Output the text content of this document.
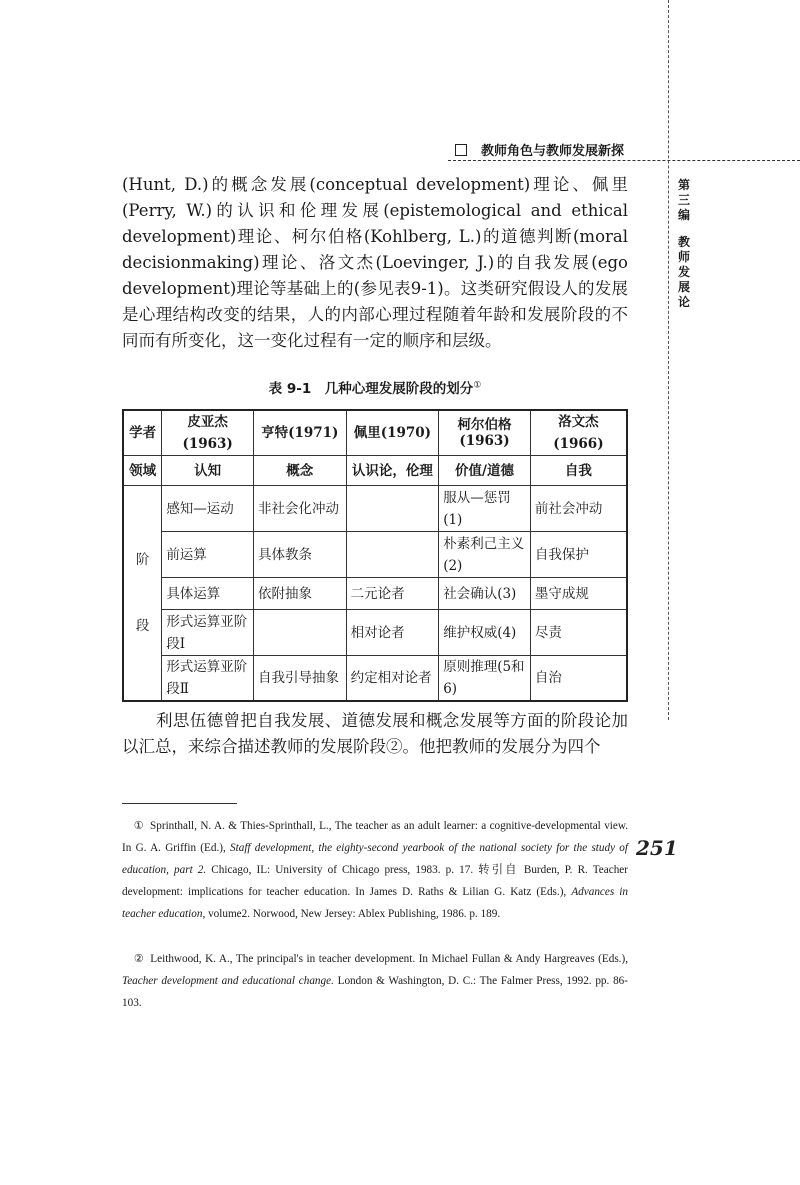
教师角色与教师发展新探
第三编
教师发展论
(Hunt, D.)的概念发展(conceptual development)理论、佩里(Perry, W.)的认识和伦理发展(epistemological and ethical development)理论、柯尔伯格(Kohlberg, L.)的道德判断(moral decisionmaking)理论、洛文杰(Loevinger, J.)的自我发展(ego development)理论等基础上的(参见表9-1)。这类研究假设人的发展是心理结构改变的结果，人的内部心理过程随着年龄和发展阶段的不同而有所变化，这一变化过程有一定的顺序和层级。
表 9-1　几种心理发展阶段的划分①
学者	皮亚杰(1963)	亨特(1971)	佩里(1970)	柯尔伯格(1963)	洛文杰(1966)
领域	认知	概念	认识论，伦理	价值/道德	自我

阶
段	感知—运动	非社会化冲动		服从—惩罚(1)	前社会冲动
	前运算	具体教条		朴素利己主义(2)	自我保护
	具体运算	依附抽象	二元论者	社会确认(3)	墨守成规
	形式运算亚阶段Ⅰ		相对论者	维护权威(4)	尽责
	形式运算亚阶段Ⅱ	自我引导抽象	约定相对论者	原则推理(5和6)	自治
利思伍德曾把自我发展、道德发展和概念发展等方面的阶段论加以汇总，来综合描述教师的发展阶段②。他把教师的发展分为四个
 ①  Sprinthall, N. A. & Thies-Sprinthall, L., The teacher as an adult learner: a cognitive-developmental view. In G. A. Griffin (Ed.), Staff development, the eighty-second yearbook of the national society for the study of education, part 2. Chicago, IL: University of Chicago press, 1983. p. 17. 转引自 Burden, P. R. Teacher development: implications for teacher education. In James D. Raths & Lilian G. Katz (Eds.), Advances in teacher education, volume2. Norwood, New Jersey: Ablex Publishing, 1986. p. 189.
 ②  Leithwood, K. A., The principal's in teacher development. In Michael Fullan & Andy Hargreaves (Eds.), Teacher development and educational change. London & Washington, D. C.: The Falmer Press, 1992. pp. 86-103.
251
